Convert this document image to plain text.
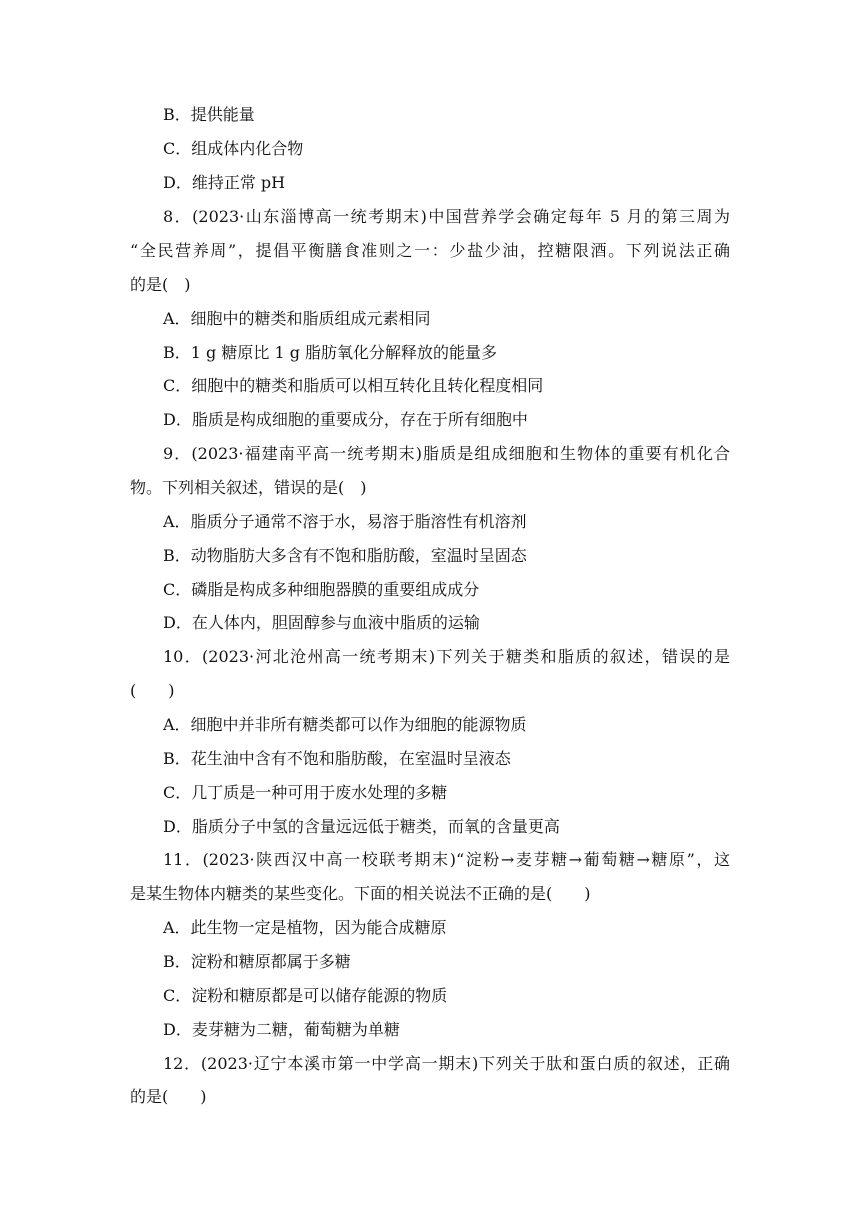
B．提供能量
C．组成体内化合物
D．维持正常 pH
8．(2023·山东淄博高一统考期末)中国营养学会确定每年 5 月的第三周为
“全民营养周”，提倡平衡膳食准则之一：少盐少油，控糖限酒。下列说法正确
的是(　)
A．细胞中的糖类和脂质组成元素相同
B．1 g 糖原比 1 g 脂肪氧化分解释放的能量多
C．细胞中的糖类和脂质可以相互转化且转化程度相同
D．脂质是构成细胞的重要成分，存在于所有细胞中
9．(2023·福建南平高一统考期末)脂质是组成细胞和生物体的重要有机化合
物。下列相关叙述，错误的是(　)
A．脂质分子通常不溶于水，易溶于脂溶性有机溶剂
B．动物脂肪大多含有不饱和脂肪酸，室温时呈固态
C．磷脂是构成多种细胞器膜的重要组成成分
D．在人体内，胆固醇参与血液中脂质的运输
10．(2023·河北沧州高一统考期末)下列关于糖类和脂质的叙述，错误的是
(　　)
A．细胞中并非所有糖类都可以作为细胞的能源物质
B．花生油中含有不饱和脂肪酸，在室温时呈液态
C．几丁质是一种可用于废水处理的多糖
D．脂质分子中氢的含量远远低于糖类，而氧的含量更高
11．(2023·陕西汉中高一校联考期末)“淀粉→麦芽糖→葡萄糖→糖原”，这
是某生物体内糖类的某些变化。下面的相关说法不正确的是(　　)
A．此生物一定是植物，因为能合成糖原
B．淀粉和糖原都属于多糖
C．淀粉和糖原都是可以储存能源的物质
D．麦芽糖为二糖，葡萄糖为单糖
12．(2023·辽宁本溪市第一中学高一期末)下列关于肽和蛋白质的叙述，正确
的是(　　)
